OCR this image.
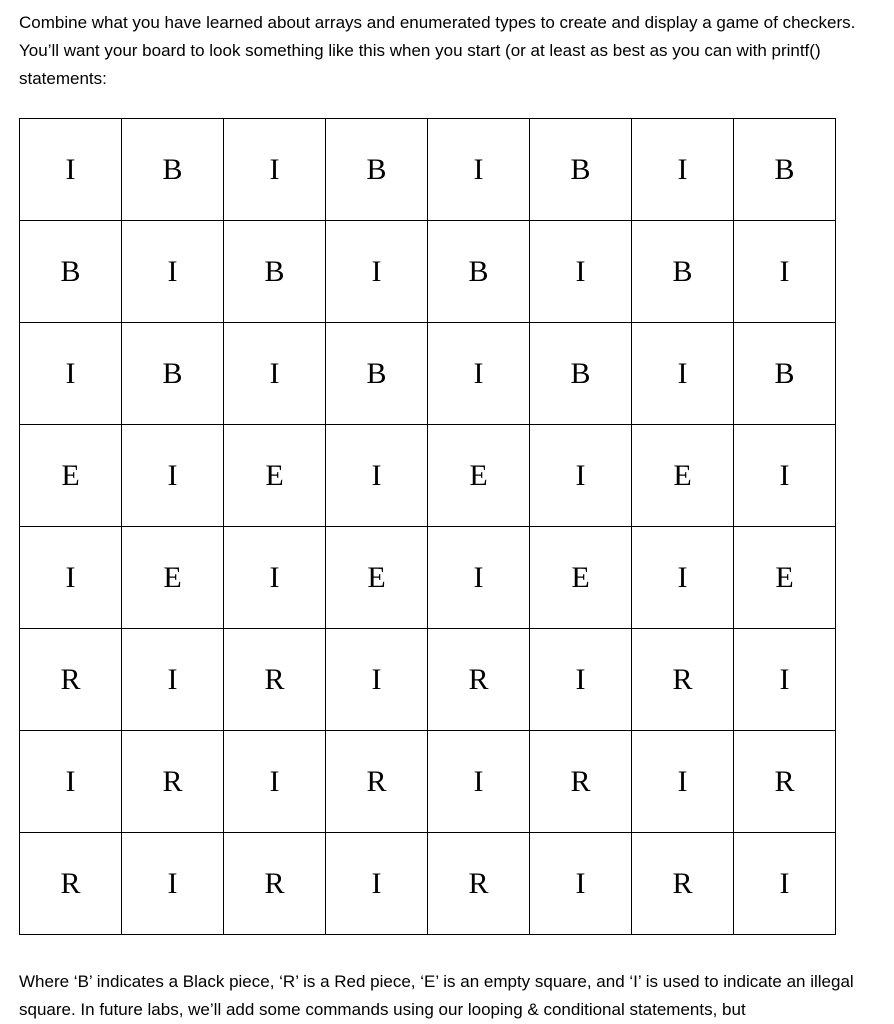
Combine what you have learned about arrays and enumerated types to create and display a game of checkers. You’ll want your board to look something like this when you start (or at least as best as you can with printf() statements:

I	B	I	B	I	B	I	B
B	I	B	I	B	I	B	I
I	B	I	B	I	B	I	B
E	I	E	I	E	I	E	I
I	E	I	E	I	E	I	E
R	I	R	I	R	I	R	I
I	R	I	R	I	R	I	R
R	I	R	I	R	I	R	I

Where ‘B’ indicates a Black piece, ‘R’ is a Red piece, ‘E’ is an empty square, and ‘I’ is used to indicate an illegal square. In future labs, we’ll add some commands using our looping & conditional statements, but
